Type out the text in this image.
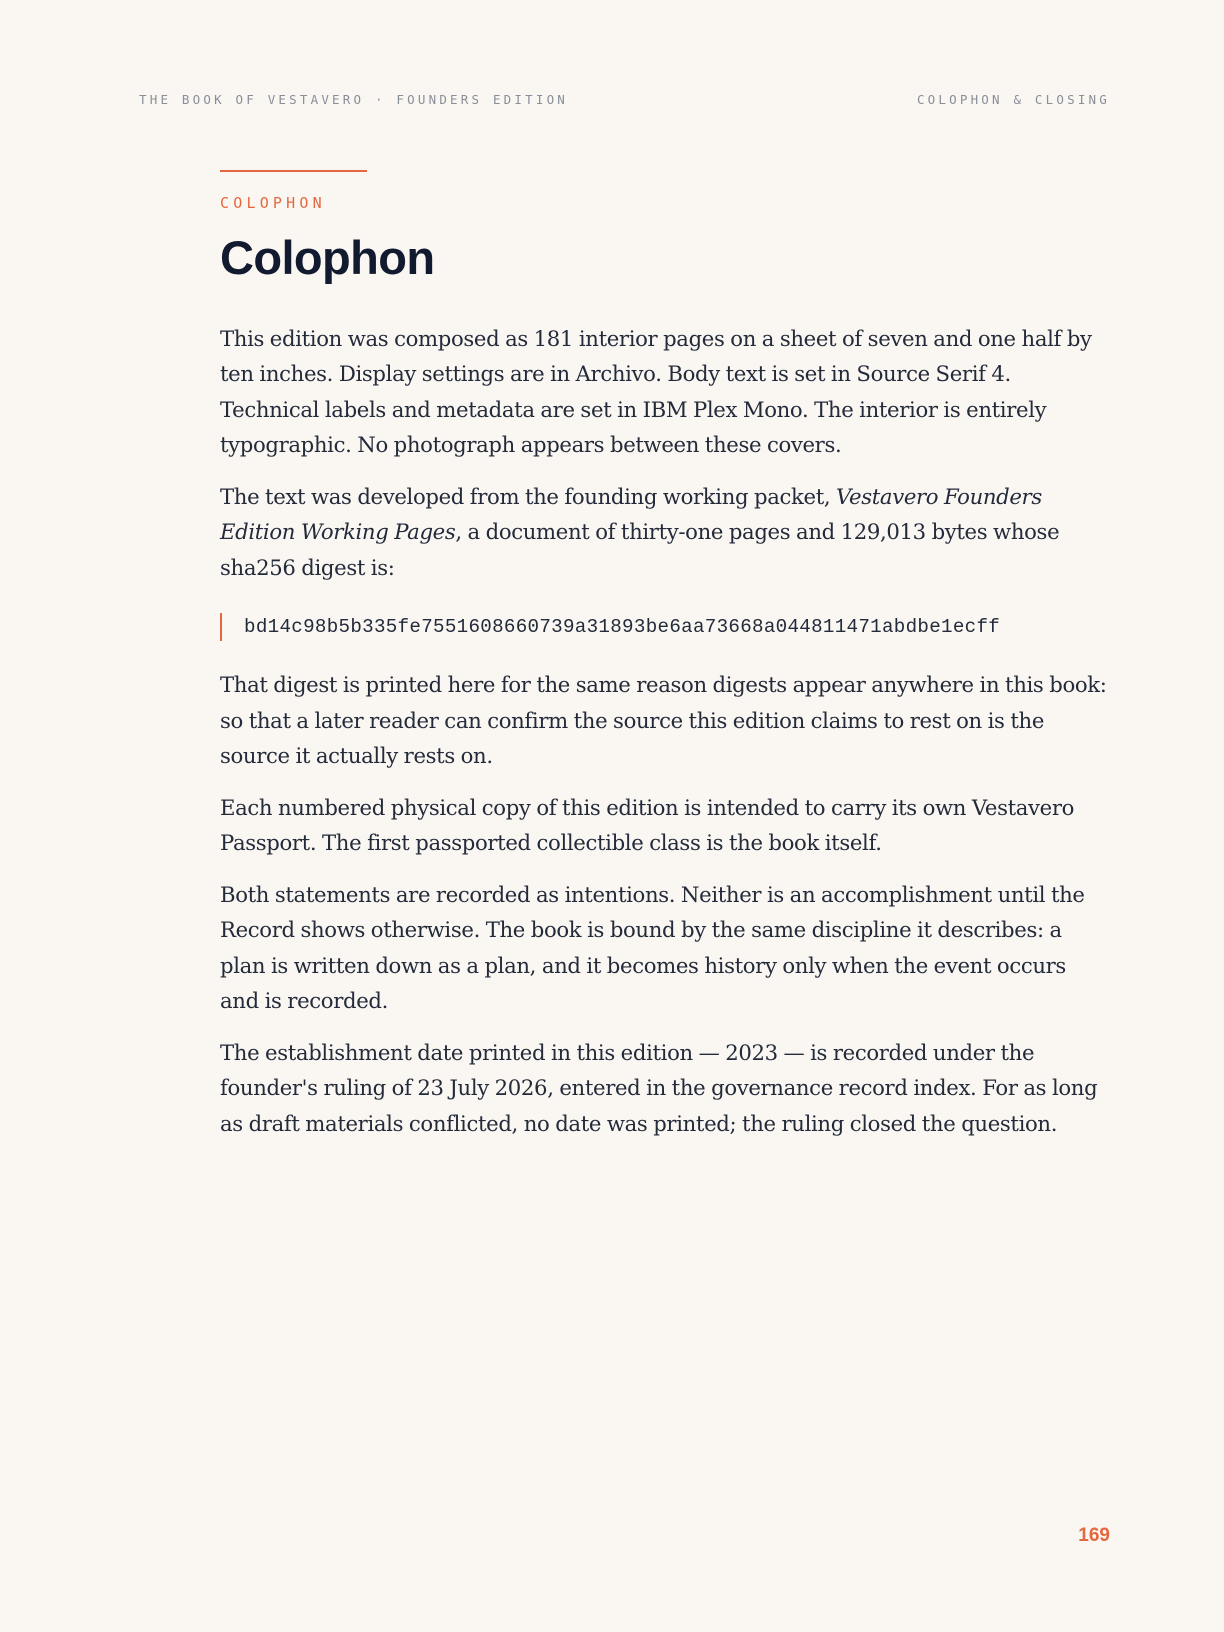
THE BOOK OF VESTAVERO · FOUNDERS EDITION	COLOPHON & CLOSING
COLOPHON
Colophon

This edition was composed as 181 interior pages on a sheet of seven and one half by ten inches. Display settings are in Archivo. Body text is set in Source Serif 4. Technical labels and metadata are set in IBM Plex Mono. The interior is entirely typographic. No photograph appears between these covers.

The text was developed from the founding working packet, Vestavero Founders Edition Working Pages, a document of thirty-one pages and 129,013 bytes whose sha256 digest is:

bd14c98b5b335fe7551608660739a31893be6aa73668a044811471abdbe1ecff

That digest is printed here for the same reason digests appear anywhere in this book: so that a later reader can confirm the source this edition claims to rest on is the source it actually rests on.

Each numbered physical copy of this edition is intended to carry its own Vestavero Passport. The first passported collectible class is the book itself.

Both statements are recorded as intentions. Neither is an accomplishment until the Record shows otherwise. The book is bound by the same discipline it describes: a plan is written down as a plan, and it becomes history only when the event occurs and is recorded.

The establishment date printed in this edition — 2023 — is recorded under the founder's ruling of 23 July 2026, entered in the governance record index. For as long as draft materials conflicted, no date was printed; the ruling closed the question.

169
